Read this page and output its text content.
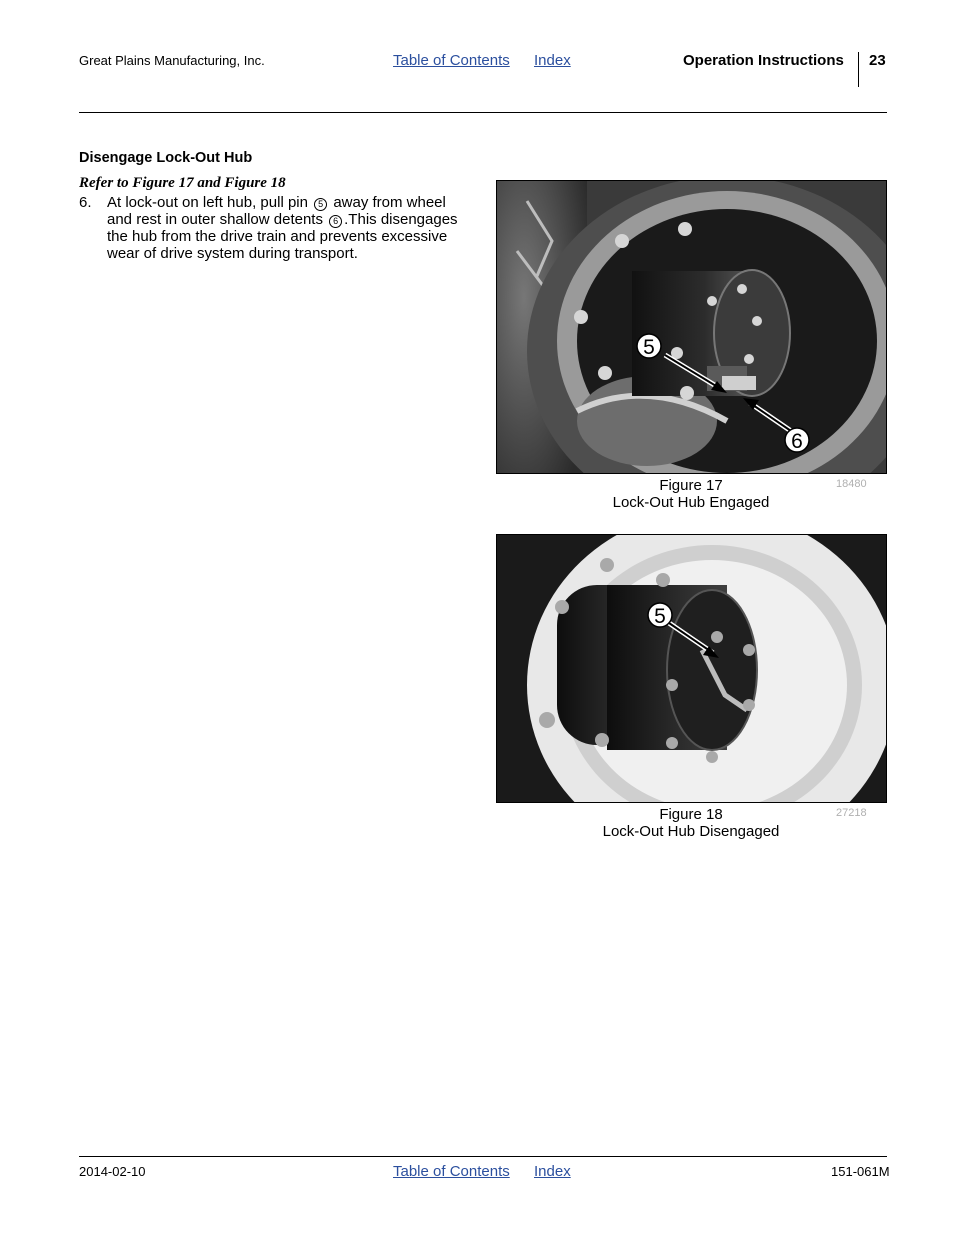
Great Plains Manufacturing, Inc.	Table of Contents Index	Operation Instructions 23
Disengage Lock-Out Hub
Refer to Figure 17 and Figure 18
6. At lock-out on left hub, pull pin 5 away from wheel and rest in outer shallow detents 6 .This disengages the hub from the drive train and prevents excessive wear of drive system during transport.
5
6
Figure 17
Lock-Out Hub Engaged
18480
5
Figure 18
Lock-Out Hub Disengaged
27218
2014-02-10	Table of Contents Index	151-061M
